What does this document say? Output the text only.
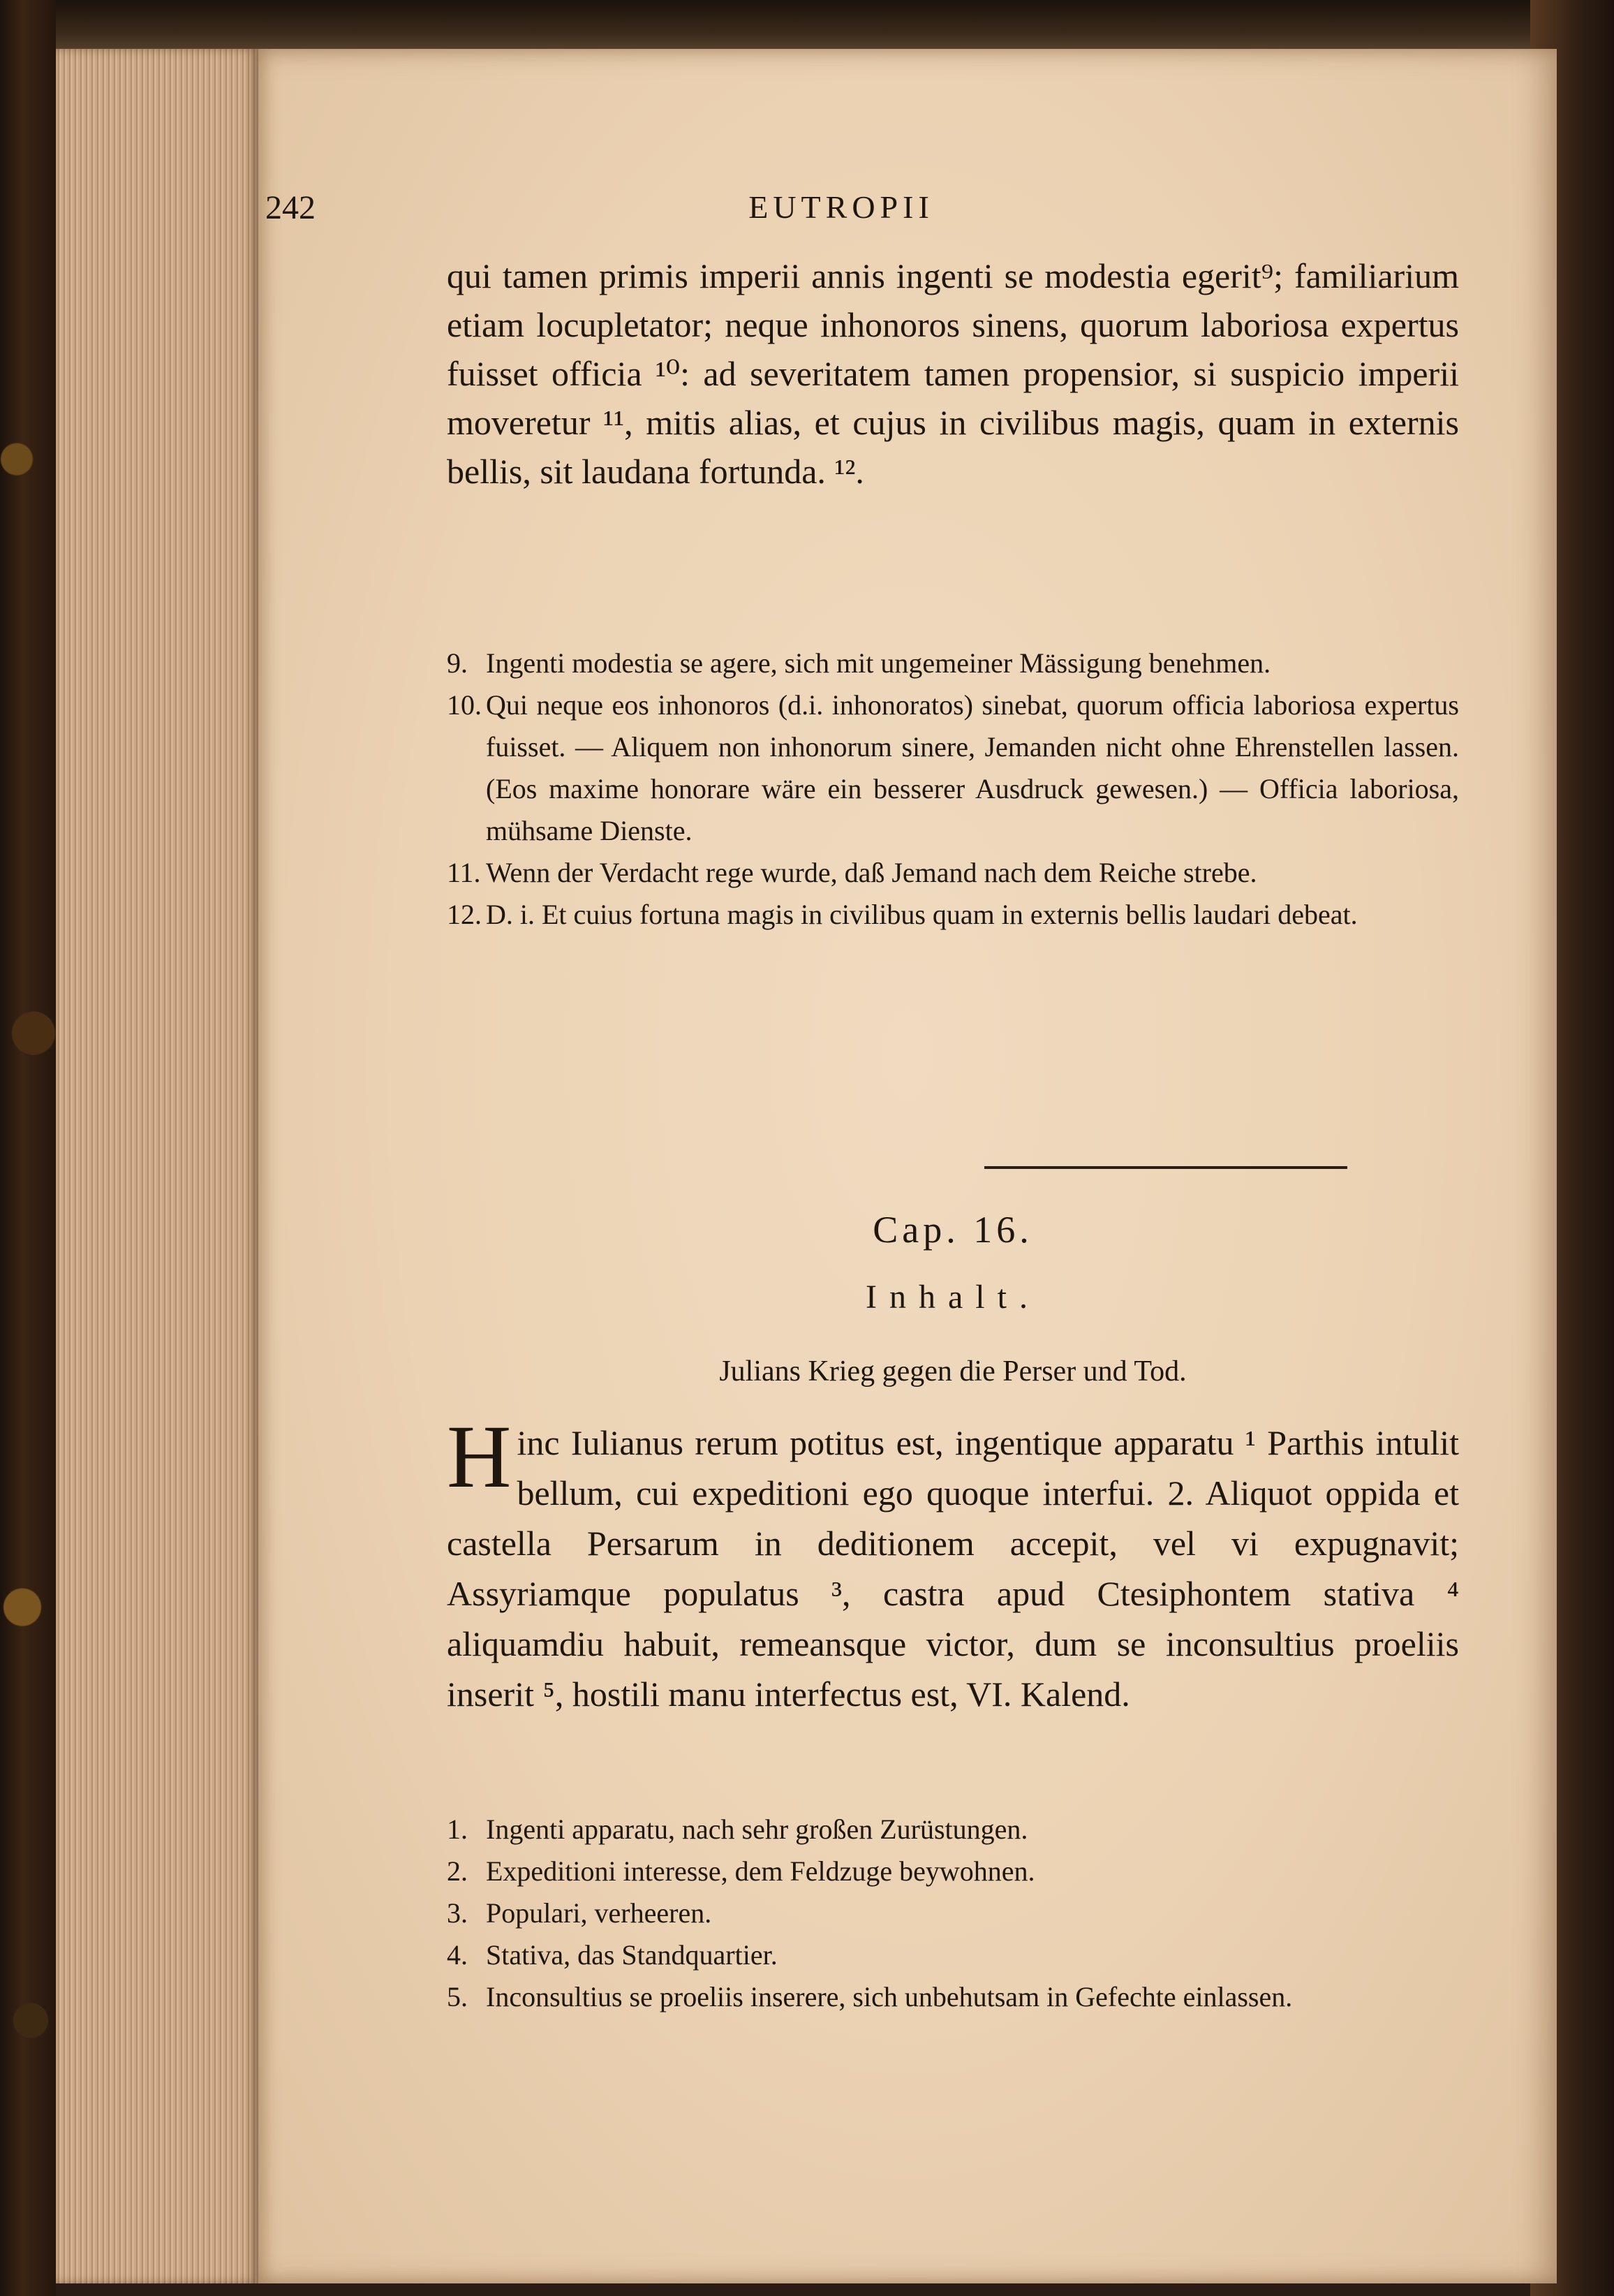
242	EUTROPII

qui tamen primis imperii annis ingenti se modestia egerit⁹; familiarium etiam locupletator; neque inhonoros sinens, quorum laboriosa expertus fuisset officia ¹⁰: ad severitatem tamen propensior, si suspicio imperii moveretur ¹¹, mitis alias, et cujus in civilibus magis, quam in externis bellis, sit laudana fortunda. ¹².

9. Ingenti modestia se agere, sich mit ungemeiner Mässigung benehmen.
10. Qui neque eos inhonoros (d.i. inhonoratos) sinebat, quorum officia laboriosa expertus fuisset. — Aliquem non inhonorum sinere, Jemanden nicht ohne Ehrenstellen lassen. (Eos maxime honorare wäre ein besserer Ausdruck gewesen.) — Officia laboriosa, mühsame Dienste.
11. Wenn der Verdacht rege wurde, daß Jemand nach dem Reiche strebe.
12. D. i. Et cuius fortuna magis in civilibus quam in externis bellis laudari debeat.
Cap. 16.
Inhalt.
Julians Krieg gegen die Perser und Tod.

Hinc Iulianus rerum potitus est, ingentique apparatu ¹ Parthis intulit bellum, cui expeditioni ego quoque interfui. 2. Aliquot oppida et castella Persarum in deditionem accepit, vel vi expugnavit; Assyriamque populatus ³, castra apud Ctesiphontem stativa ⁴ aliquamdiu habuit, remeansque victor, dum se inconsultius proeliis inserit ⁵, hostili manu interfectus est, VI. Kalend.

1. Ingenti apparatu, nach sehr großen Zurüstungen.
2. Expeditioni interesse, dem Feldzuge beywohnen.
3. Populari, verheeren.
4. Stativa, das Standquartier.
5. Inconsultius se proeliis inserere, sich unbehutsam in Gefechte einlassen.
